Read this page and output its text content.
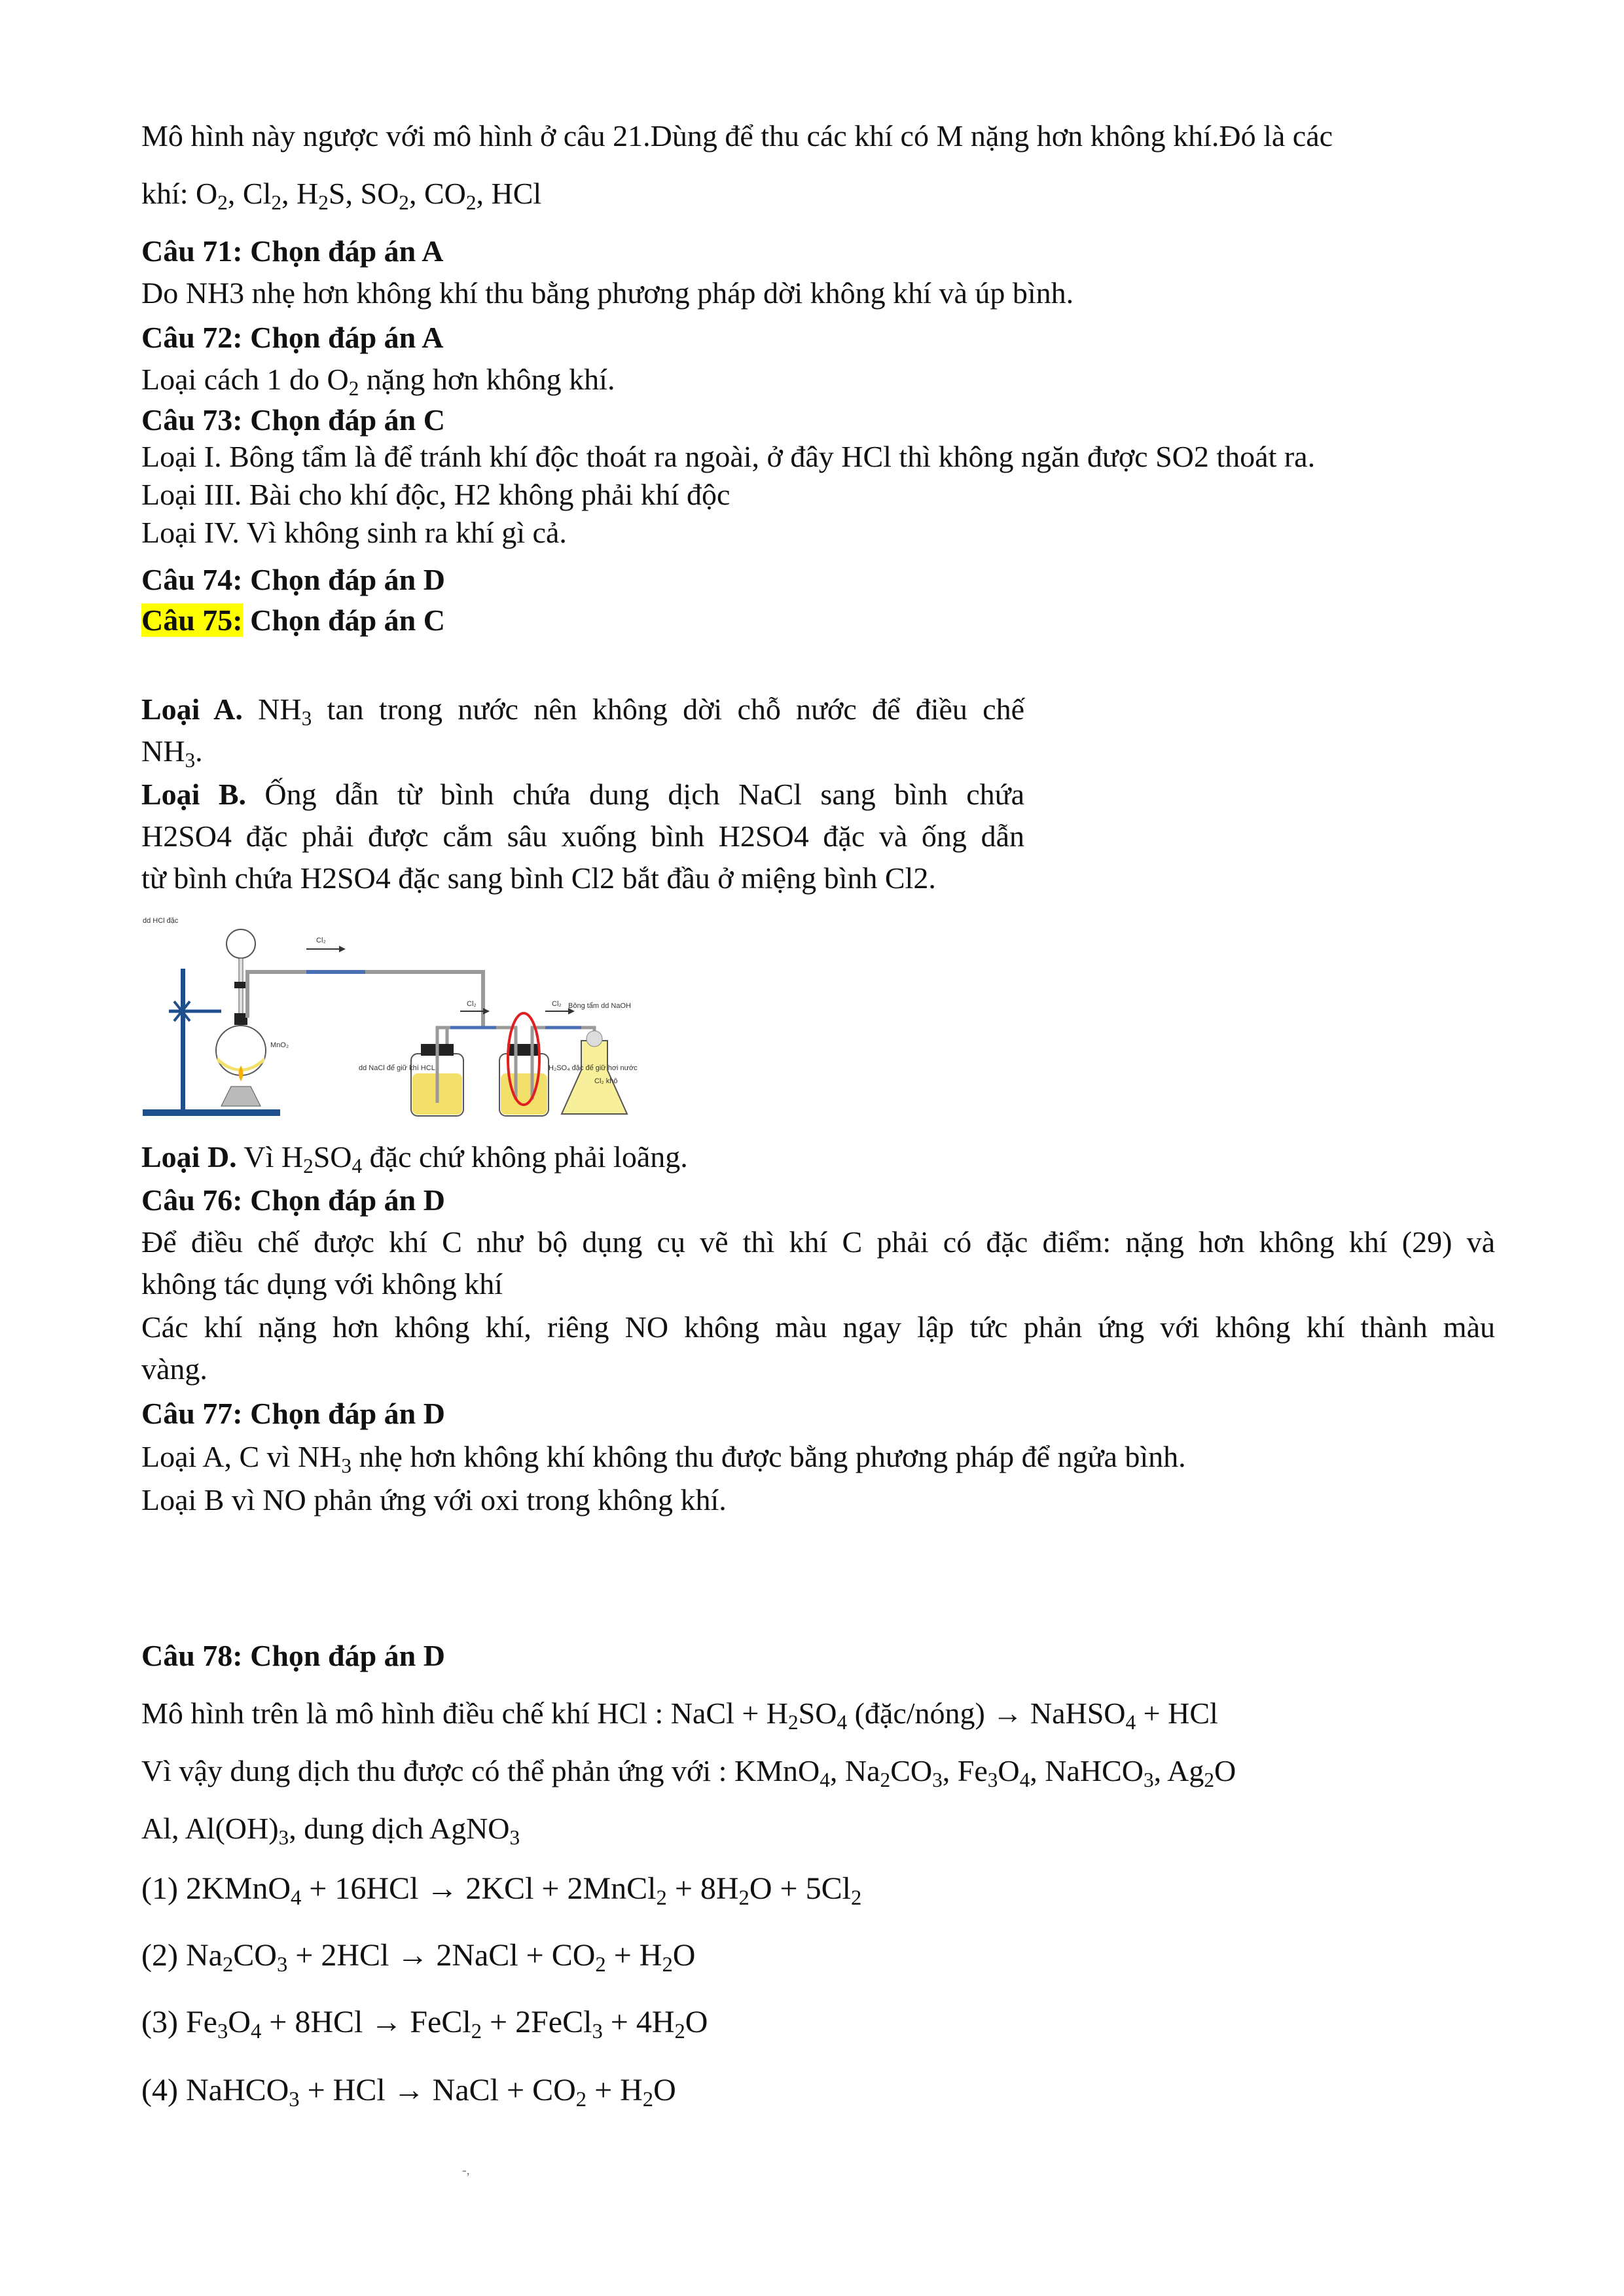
Mô hình này ngược với mô hình ở câu 21.Dùng để thu các khí có M nặng hơn không khí.Đó là các
khí: $O_2$, $Cl_2$, $H_2S$, $SO_2$, $CO_2$, HCl
Câu 71: Chọn đáp án A
Do NH3 nhẹ hơn không khí thu bằng phương pháp dời không khí và úp bình.
Câu 72: Chọn đáp án A
Loại cách 1 do $O_2$ nặng hơn không khí.
Câu 73: Chọn đáp án C
Loại I. Bông tẩm là để tránh khí độc thoát ra ngoài, ở đây HCl thì không ngăn được SO2 thoát ra.
Loại III. Bài cho khí độc, H2 không phải khí độc
Loại IV. Vì không sinh ra khí gì cả.
Câu 74: Chọn đáp án D
Câu 75: Chọn đáp án C
Loại A. $NH_3$ tan trong nước nên không dời chỗ nước để điều chế
$NH_3$.
Loại B. Ống dẫn từ bình chứa dung dịch NaCl sang bình chứa
H2SO4 đặc phải được cắm sâu xuống bình H2SO4 đặc và ống dẫn
từ bình chứa H2SO4 đặc sang bình Cl2 bắt đầu ở miệng bình Cl2.
dd HCl đặc
Cl₂
MnO₂
dd NaCl để giữ khí HCL
Cl₂	Cl₂
H₂SO₄ đặc để giữ hơi nước
Bông tẩm dd NaOH
Cl₂ khô
Loại D. Vì $H_2SO_4$ đặc chứ không phải loãng.
Câu 76: Chọn đáp án D
Để điều chế được khí C như bộ dụng cụ vẽ thì khí C phải có đặc điểm: nặng hơn không khí (29) và
không tác dụng với không khí
Các khí nặng hơn không khí, riêng NO không màu ngay lập tức phản ứng với không khí thành màu
vàng.
Câu 77: Chọn đáp án D
Loại A, C vì $NH_3$ nhẹ hơn không khí không thu được bằng phương pháp để ngửa bình.
Loại B vì NO phản ứng với oxi trong không khí.
Câu 78: Chọn đáp án D
Mô hình trên là mô hình điều chế khí HCl : NaCl + $H_2SO_4$ (đặc/nóng) → NaHSO$_4$ + HCl
Vì vậy dung dịch thu được có thể phản ứng với : KMnO$_4$, $Na_2CO_3$, $Fe_3O_4$, NaHCO$_3$, $Ag_2O$
Al, $Al(OH)_3$, dung dịch AgNO$_3$
(1) 2KMnO$_4$ + 16HCl → 2KCl + 2MnCl$_2$ + $8H_2O + 5Cl_2$
(2) $Na_2CO_3 + 2HCl$ → 2NaCl + $CO_2 + H_2O$
(3) $Fe_3O_4 + 8HCl$ → FeCl$_2$ + 2FeCl$_3$ + $4H_2O$
(4) NaHCO$_3$ + HCl → NaCl + $CO_2 + H_2O$
-,
